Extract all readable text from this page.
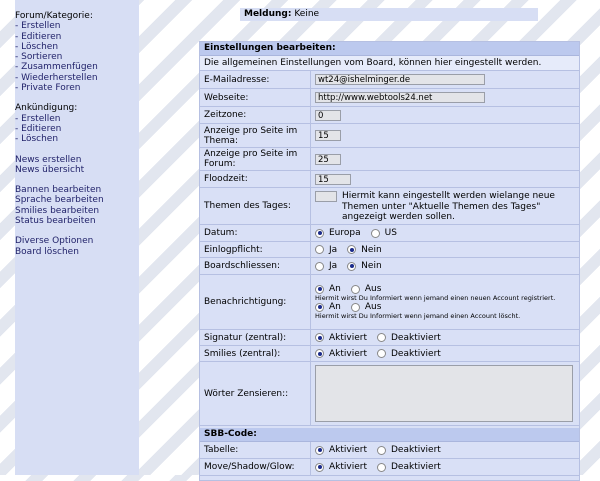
Forum/Kategorie:
- Erstellen
- Editieren
- Löschen
- Sortieren
- Zusammenfügen
- Wiederherstellen
- Private Foren
Ankündigung:
- Erstellen
- Editieren
- Löschen
News erstellen
News übersicht
Bannen bearbeiten
Sprache bearbeiten
Smilies bearbeiten
Status bearbeiten
Diverse Optionen
Board löschen
Meldung: Keine
Einstellungen bearbeiten:
Die allgemeinen Einstellungen vom Board, können hier eingestellt werden.
E-Mailadresse:	wt24@ishelminger.de
Webseite:	http://www.webtools24.net
Zeitzone:	0
Anzeige pro Seite im Thema:	15
Anzeige pro Seite im Forum:	25
Floodzeit:	15
Themen des Tages:
Hiermit kann eingestellt werden wielange neue Themen unter "Aktuelle Themen des Tages" angezeigt werden sollen.
Datum:	Europa	US
Einlogpflicht:	Ja	Nein
Boardschliessen:	Ja	Nein
Benachrichtigung:
An	Aus
Hiermit wirst Du Informiert wenn jemand einen neuen Account registriert.
An	Aus
Hiermit wirst Du Informiert wenn jemand einen Account löscht.
Signatur (zentral):	Aktiviert	Deaktiviert
Smilies (zentral):	Aktiviert	Deaktiviert
Wörter Zensieren::
SBB-Code:
Tabelle:	Aktiviert	Deaktiviert
Move/Shadow/Glow:	Aktiviert	Deaktiviert
